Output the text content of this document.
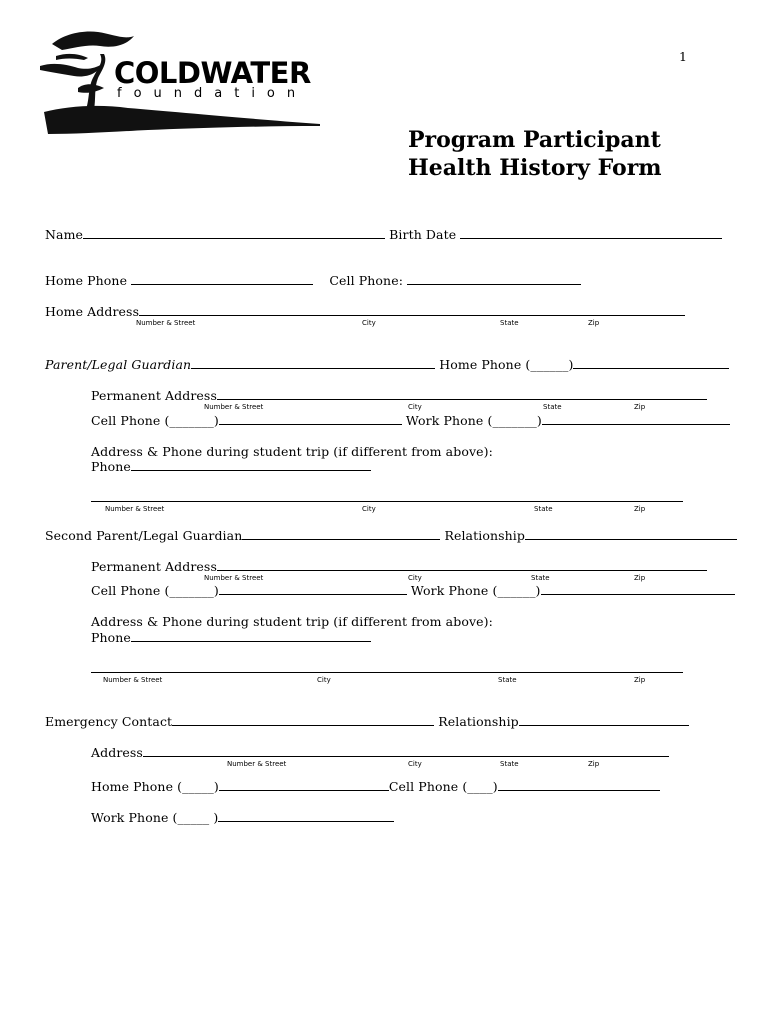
1
COLDWATER
foundation
Program Participant
Health History Form
Name	Birth Date
Home Phone	Cell Phone:
Home Address
Number & Street	City	State	Zip
Parent/Legal Guardian	Home Phone (______)
Permanent Address
Number & Street	City	State	Zip
Cell Phone (_______)	Work Phone (_______)
Address & Phone during student trip (if different from above):
Phone
Number & Street	City	State	Zip
Second Parent/Legal Guardian	Relationship
Permanent Address
Number & Street	City	State	Zip
Cell Phone (_______)	Work Phone (______)
Address & Phone during student trip (if different from above):
Phone
Number & Street	City	State	Zip
Emergency Contact	Relationship
Address
Number & Street	City	State	Zip
Home Phone (_____)	Cell Phone (____)
Work Phone (_____ )
